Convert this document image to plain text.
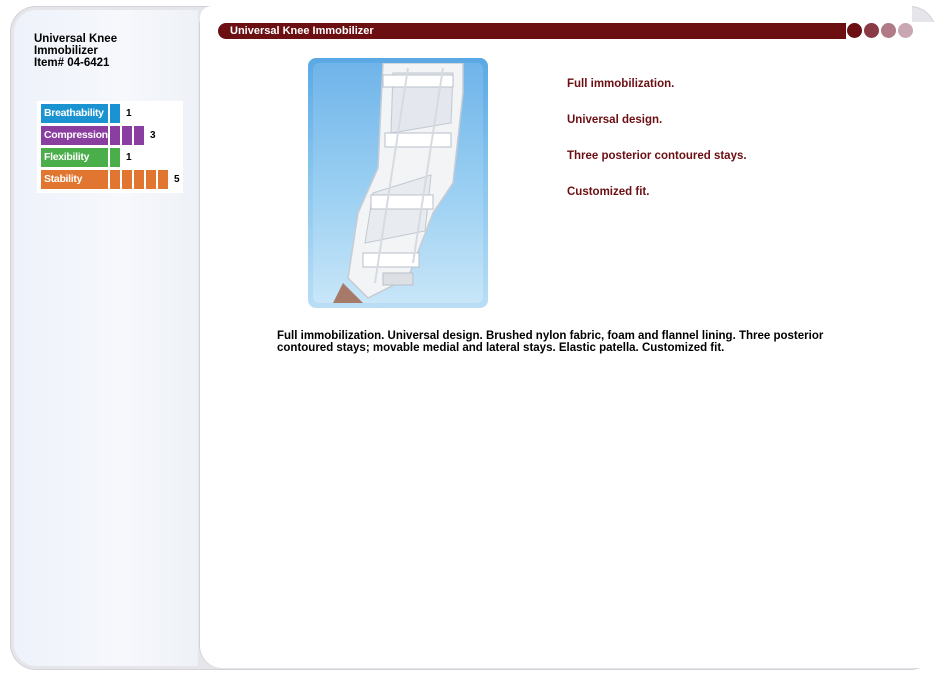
Universal Knee
Immobilizer
Item# 04-6421
Breathability	1
Compression	3
Flexibility	1
Stability	5
Universal Knee Immobilizer
Full immobilization.
Universal design.
Three posterior contoured stays.
Customized fit.
Full immobilization. Universal design. Brushed nylon fabric, foam and flannel lining. Three posterior contoured stays; movable medial and lateral stays. Elastic patella. Customized fit.
